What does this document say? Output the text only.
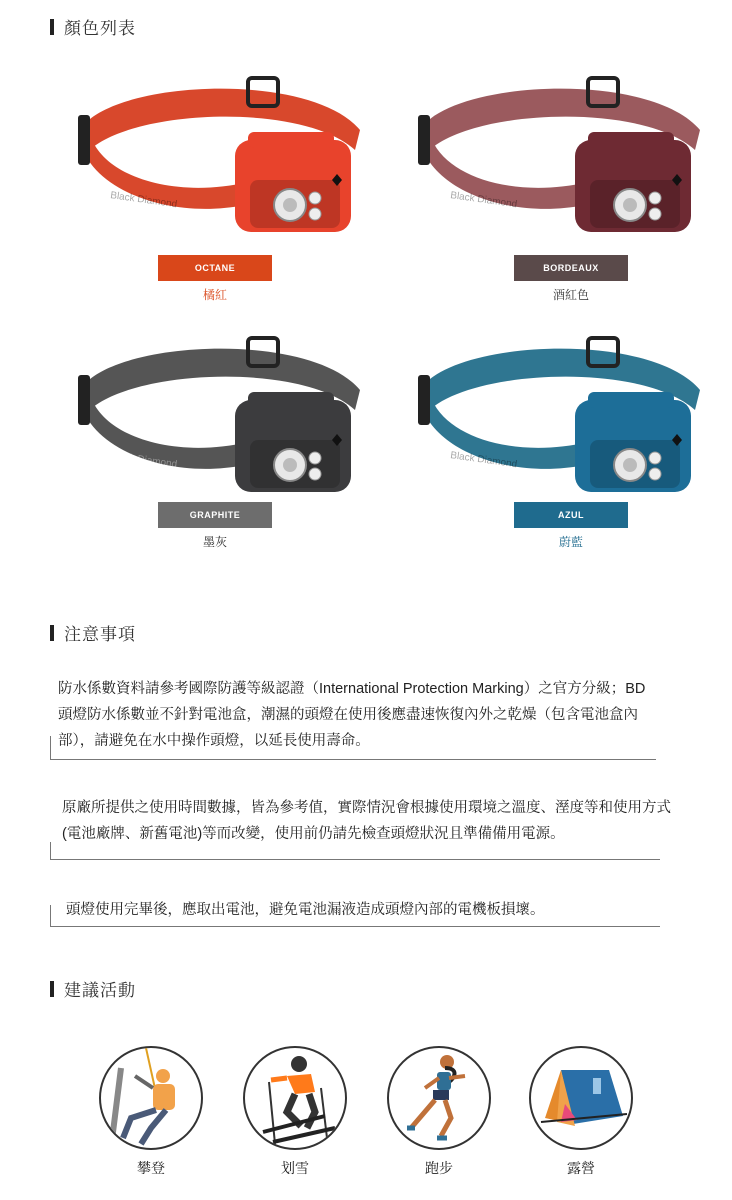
顏色列表
Black Diamond
OCTANE
橘紅
Black Diamond
BORDEAUX
酒紅色
Black Diamond
GRAPHITE
墨灰
Black Diamond
AZUL
蔚藍
注意事項
防水係數資料請參考國際防護等級認證（International Protection Marking）之官方分級；BD 頭燈防水係數並不針對電池盒，潮濕的頭燈在使用後應盡速恢復內外之乾燥（包含電池盒內部），請避免在水中操作頭燈，以延長使用壽命。
原廠所提供之使用時間數據，皆為參考值，實際情況會根據使用環境之溫度、溼度等和使用方式(電池廠牌、新舊電池)等而改變，使用前仍請先檢查頭燈狀況且準備備用電源。
頭燈使用完畢後，應取出電池，避免電池漏液造成頭燈內部的電機板損壞。
建議活動
攀登	划雪	跑步	露營
